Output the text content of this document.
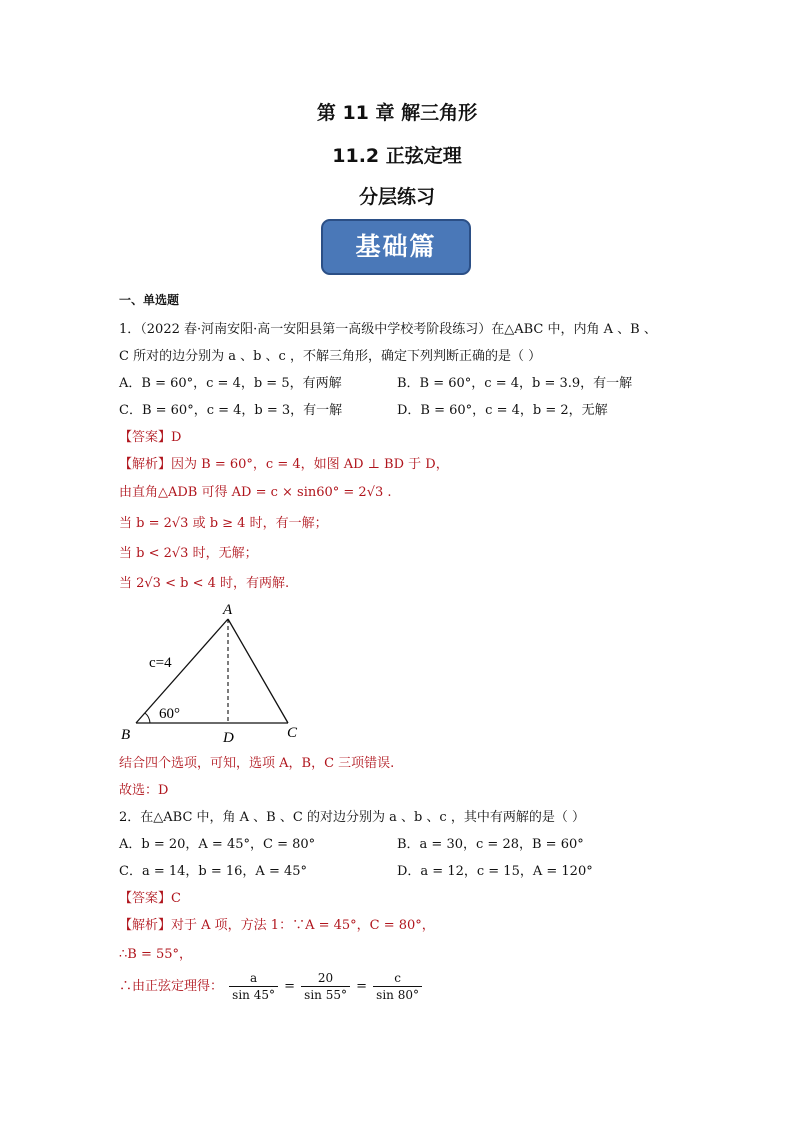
第 11 章 解三角形
11.2 正弦定理
分层练习
基础篇
一、单选题
1．（2022 春·河南安阳·高一安阳县第一高级中学校考阶段练习）在△ABC 中，内角 A 、B 、
C 所对的边分别为 a 、b 、c ，不解三角形，确定下列判断正确的是（ ）
A．B = 60°，c = 4，b = 5，有两解	B．B = 60°，c = 4，b = 3.9，有一解
C．B = 60°，c = 4，b = 3，有一解	D．B = 60°，c = 4，b = 2，无解
【答案】D
【解析】因为 B = 60°，c = 4，如图 AD ⊥ BD 于 D，
由直角△ADB 可得 AD = c × sin60° = 2√3 .
当 b = 2√3 或 b ≥ 4 时，有一解；
当 b < 2√3 时，无解；
当 2√3 < b < 4 时，有两解.
A
B	C
D
c=4
60°
结合四个选项，可知，选项 A，B，C 三项错误.
故选：D
2．在△ABC 中，角 A 、B 、C 的对边分别为 a 、b 、c ，其中有两解的是（ ）
A．b = 20，A = 45°，C = 80°	B．a = 30，c = 28，B = 60°
C．a = 14，b = 16，A = 45°	D．a = 12，c = 15，A = 120°
【答案】C
【解析】对于 A 项，方法 1：∵A = 45°，C = 80°，
∴B = 55°，
∴由正弦定理得： $\frac{a}{\sin 45^\circ} = \frac{20}{\sin 55^\circ} = \frac{c}{\sin 80^\circ}$
